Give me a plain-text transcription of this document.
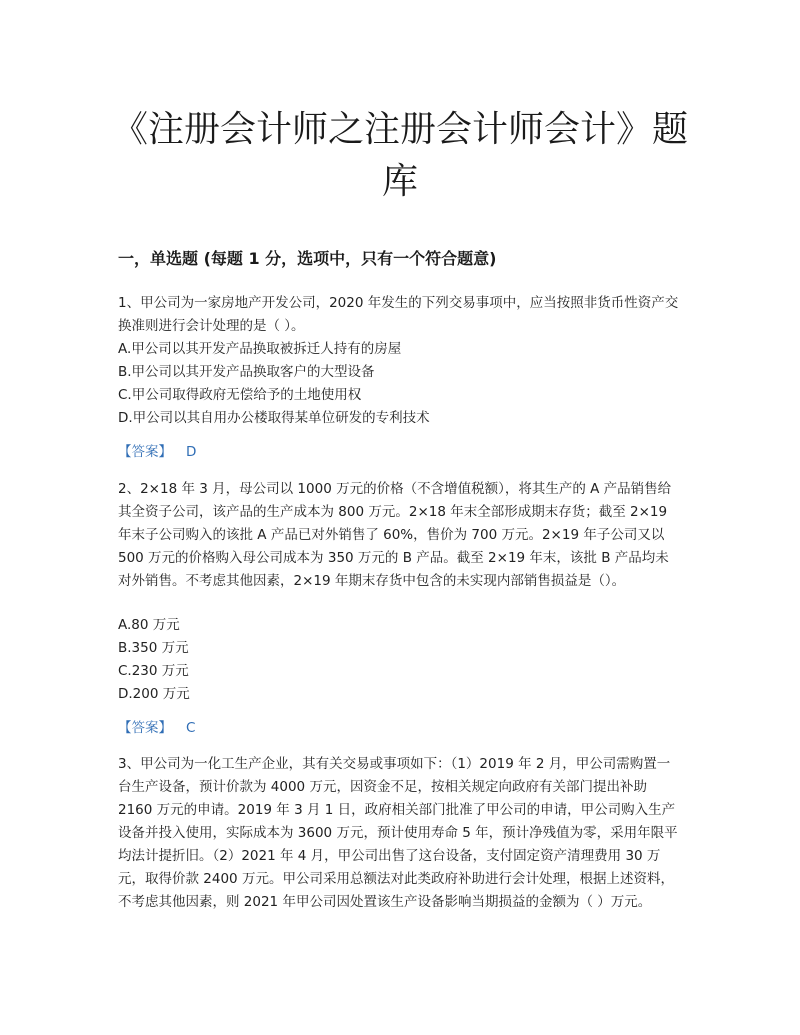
《注册会计师之注册会计师会计》题库
一，单选题 (每题 1 分，选项中，只有一个符合题意)

1、甲公司为一家房地产开发公司，2020 年发生的下列交易事项中，应当按照非货币性资产交换准则进行会计处理的是（ ）。

A.甲公司以其开发产品换取被拆迁人持有的房屋
B.甲公司以其开发产品换取客户的大型设备
C.甲公司取得政府无偿给予的土地使用权
D.甲公司以其自用办公楼取得某单位研发的专利技术
【答案】 D

2、2×18 年 3 月，母公司以 1000 万元的价格（不含增值税额），将其生产的 A 产品销售给其全资子公司，该产品的生产成本为 800 万元。2×18 年末全部形成期末存货；截至 2×19 年末子公司购入的该批 A 产品已对外销售了 60%，售价为 700 万元。2×19 年子公司又以 500 万元的价格购入母公司成本为 350 万元的 B 产品。截至 2×19 年末，该批 B 产品均未对外销售。不考虑其他因素，2×19 年期末存货中包含的未实现内部销售损益是（）。

A.80 万元
B.350 万元
C.230 万元
D.200 万元
【答案】 C

3、甲公司为一化工生产企业，其有关交易或事项如下：（1）2019 年 2 月，甲公司需购置一台生产设备，预计价款为 4000 万元，因资金不足，按相关规定向政府有关部门提出补助 2160 万元的申请。2019 年 3 月 1 日，政府相关部门批准了甲公司的申请，甲公司购入生产设备并投入使用，实际成本为 3600 万元，预计使用寿命 5 年，预计净残值为零，采用年限平均法计提折旧。（2）2021 年 4 月，甲公司出售了这台设备，支付固定资产清理费用 30 万元，取得价款 2400 万元。甲公司采用总额法对此类政府补助进行会计处理，根据上述资料，不考虑其他因素，则 2021 年甲公司因处置该生产设备影响当期损益的金额为（ ）万元。
